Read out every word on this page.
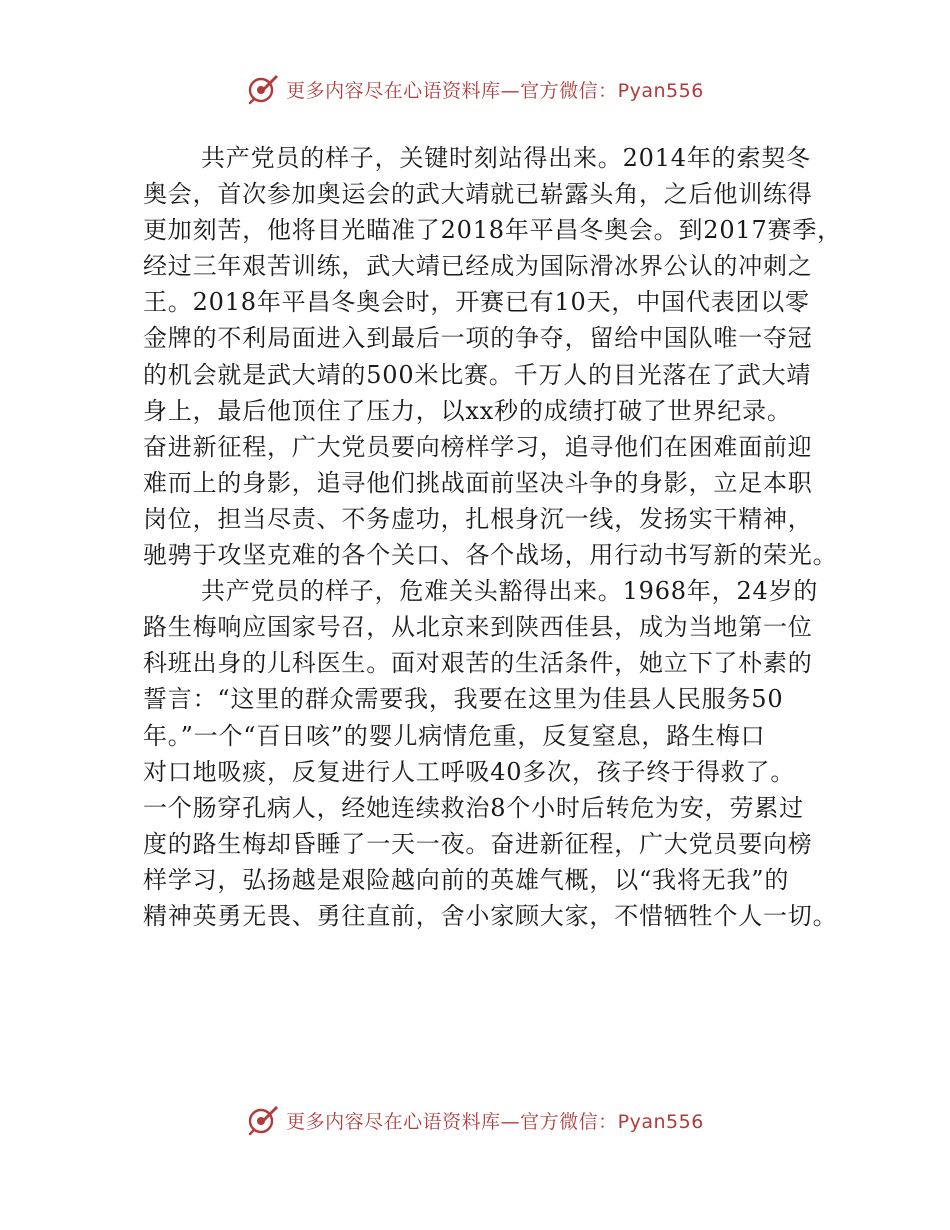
更多内容尽在心语资料库—官方微信：Pyan556
共产党员的样子，关键时刻站得出来。2014年的索契冬
奥会，首次参加奥运会的武大靖就已崭露头角，之后他训练得
更加刻苦，他将目光瞄准了2018年平昌冬奥会。到2017赛季，
经过三年艰苦训练，武大靖已经成为国际滑冰界公认的冲刺之
王。2018年平昌冬奥会时，开赛已有10天，中国代表团以零
金牌的不利局面进入到最后一项的争夺，留给中国队唯一夺冠
的机会就是武大靖的500米比赛。千万人的目光落在了武大靖
身上，最后他顶住了压力，以xx秒的成绩打破了世界纪录。
奋进新征程，广大党员要向榜样学习，追寻他们在困难面前迎
难而上的身影，追寻他们挑战面前坚决斗争的身影，立足本职
岗位，担当尽责、不务虚功，扎根身沉一线，发扬实干精神，
驰骋于攻坚克难的各个关口、各个战场，用行动书写新的荣光。
共产党员的样子，危难关头豁得出来。1968年，24岁的
路生梅响应国家号召，从北京来到陕西佳县，成为当地第一位
科班出身的儿科医生。面对艰苦的生活条件，她立下了朴素的
誓言：“这里的群众需要我，我要在这里为佳县人民服务50
年。”一个“百日咳”的婴儿病情危重，反复窒息，路生梅口
对口地吸痰，反复进行人工呼吸40多次，孩子终于得救了。
一个肠穿孔病人，经她连续救治8个小时后转危为安，劳累过
度的路生梅却昏睡了一天一夜。奋进新征程，广大党员要向榜
样学习，弘扬越是艰险越向前的英雄气概，以“我将无我”的
精神英勇无畏、勇往直前，舍小家顾大家，不惜牺牲个人一切。
更多内容尽在心语资料库—官方微信：Pyan556
